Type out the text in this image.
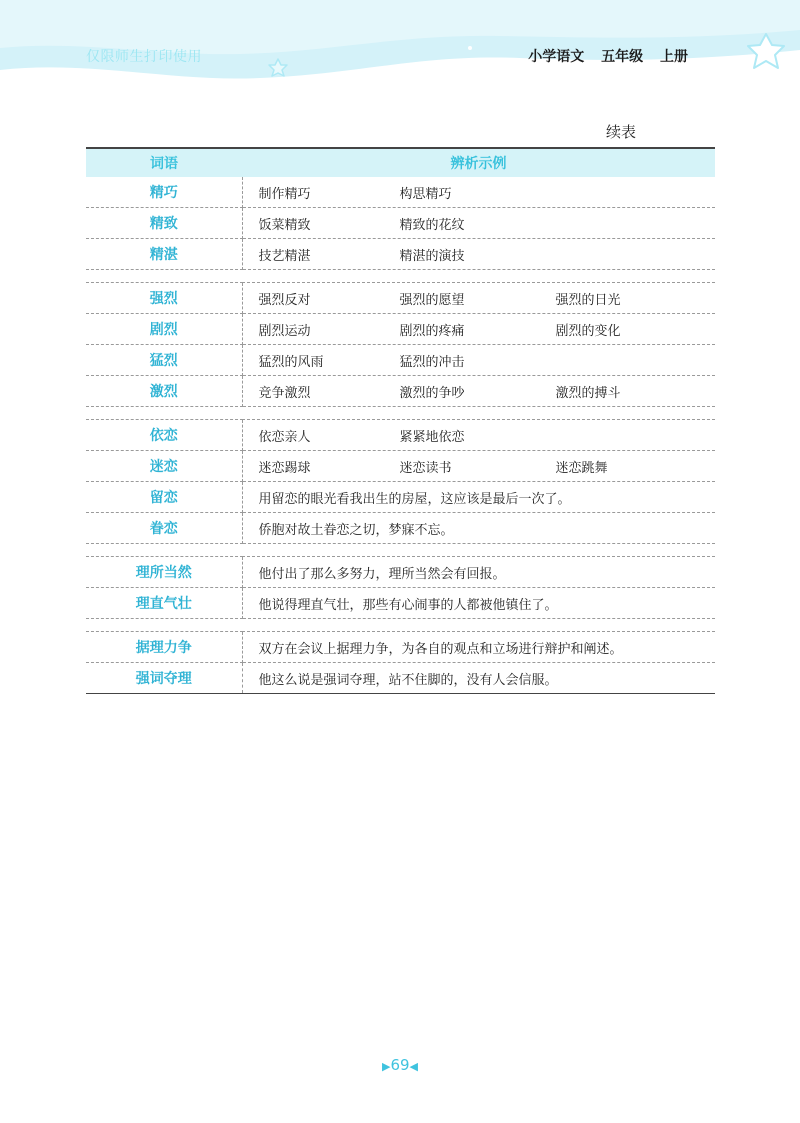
仅限师生打印使用	小学语文 五年级 上册
续表
词语	辨析示例
精巧	制作精巧 构思精巧
精致	饭菜精致 精致的花纹
精湛	技艺精湛 精湛的演技

强烈	强烈反对 强烈的愿望 强烈的日光
剧烈	剧烈运动 剧烈的疼痛 剧烈的变化
猛烈	猛烈的风雨 猛烈的冲击
激烈	竞争激烈 激烈的争吵 激烈的搏斗

依恋	依恋亲人 紧紧地依恋
迷恋	迷恋踢球 迷恋读书 迷恋跳舞
留恋	用留恋的眼光看我出生的房屋，这应该是最后一次了。
眷恋	侨胞对故土眷恋之切，梦寐不忘。

理所当然	他付出了那么多努力，理所当然会有回报。
理直气壮	他说得理直气壮，那些有心闹事的人都被他镇住了。

据理力争	双方在会议上据理力争，为各自的观点和立场进行辩护和阐述。
强词夺理	他这么说是强词夺理，站不住脚的，没有人会信服。
▶69◀
